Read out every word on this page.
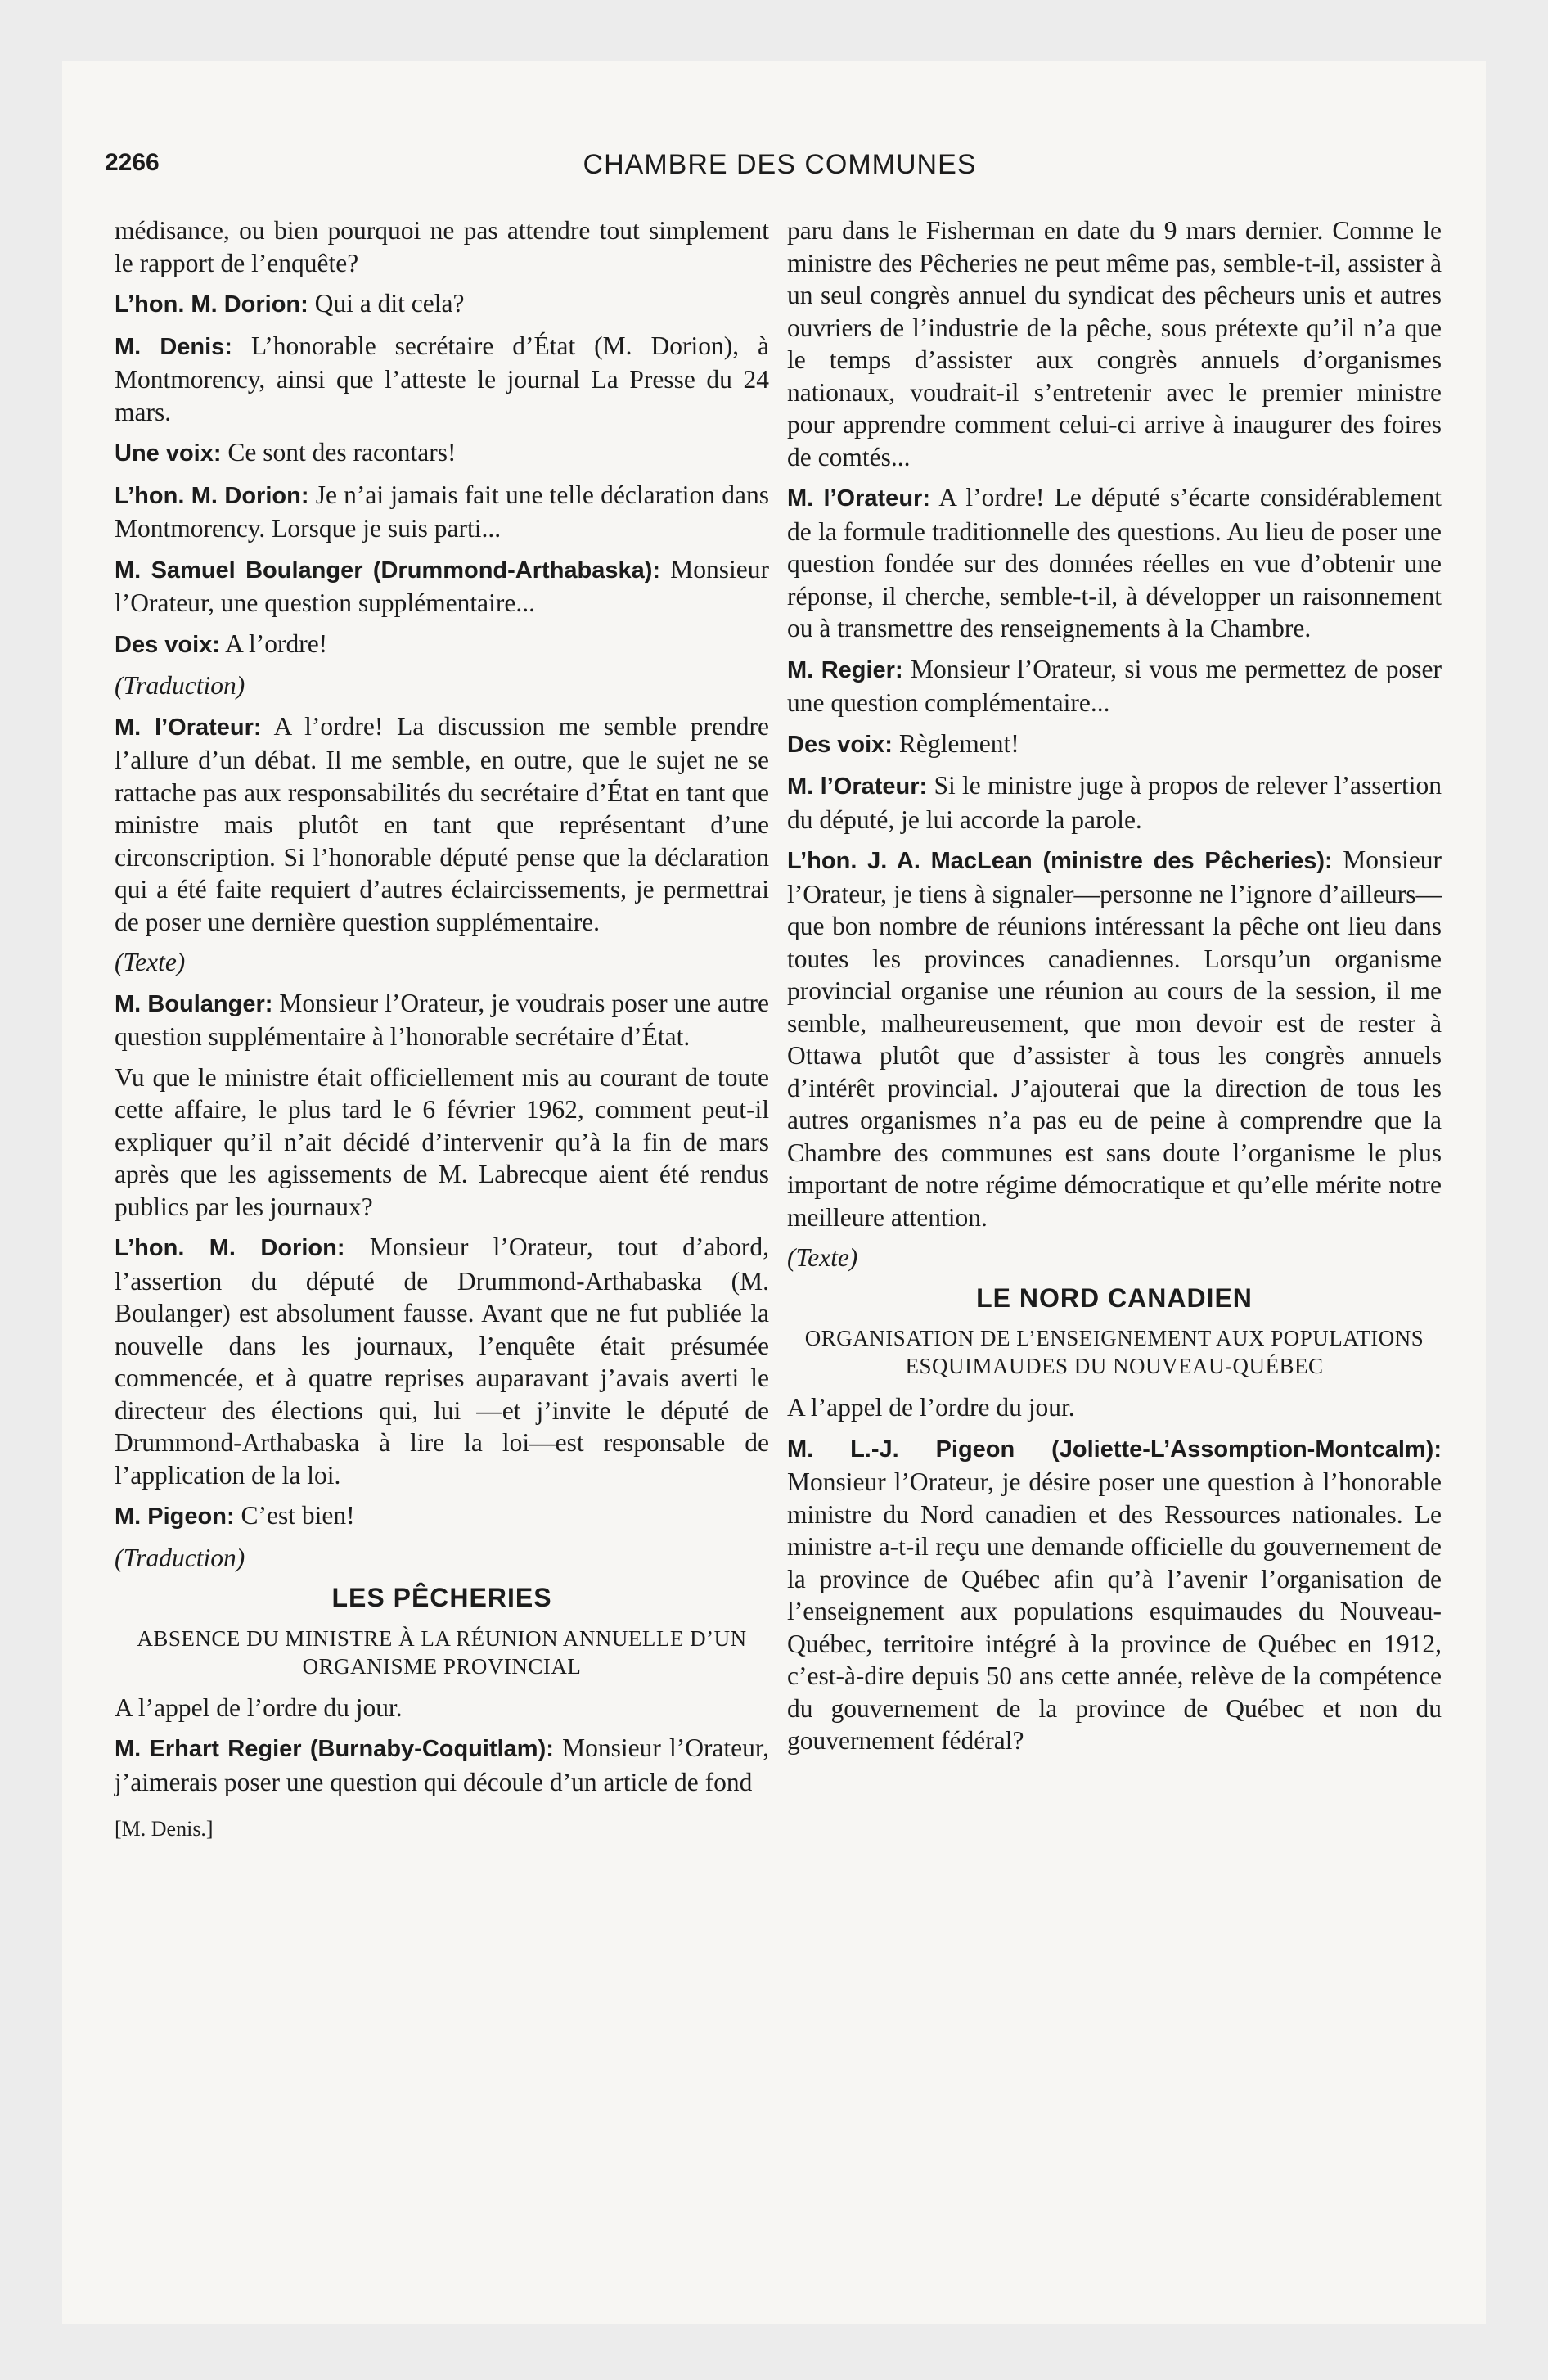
2266	CHAMBRE DES COMMUNES

médisance, ou bien pourquoi ne pas attendre tout simplement le rapport de l’enquête?

L’hon. M. Dorion: Qui a dit cela?

M. Denis: L’honorable secrétaire d’État (M. Dorion), à Montmorency, ainsi que l’atteste le journal La Presse du 24 mars.

Une voix: Ce sont des racontars!

L’hon. M. Dorion: Je n’ai jamais fait une telle déclaration dans Montmorency. Lorsque je suis parti...

M. Samuel Boulanger (Drummond-Arthabaska): Monsieur l’Orateur, une question supplémentaire...

Des voix: A l’ordre!

(Traduction)

M. l’Orateur: A l’ordre! La discussion me semble prendre l’allure d’un débat. Il me semble, en outre, que le sujet ne se rattache pas aux responsabilités du secrétaire d’État en tant que ministre mais plutôt en tant que représentant d’une circonscription. Si l’honorable député pense que la déclaration qui a été faite requiert d’autres éclaircissements, je permettrai de poser une dernière question supplémentaire.

(Texte)

M. Boulanger: Monsieur l’Orateur, je voudrais poser une autre question supplémentaire à l’honorable secrétaire d’État.

Vu que le ministre était officiellement mis au courant de toute cette affaire, le plus tard le 6 février 1962, comment peut-il expliquer qu’il n’ait décidé d’intervenir qu’à la fin de mars après que les agissements de M. Labrecque aient été rendus publics par les journaux?

L’hon. M. Dorion: Monsieur l’Orateur, tout d’abord, l’assertion du député de Drummond-Arthabaska (M. Boulanger) est absolument fausse. Avant que ne fut publiée la nouvelle dans les journaux, l’enquête était présumée commencée, et à quatre reprises auparavant j’avais averti le directeur des élections qui, lui —et j’invite le député de Drummond-Arthabaska à lire la loi—est responsable de l’application de la loi.

M. Pigeon: C’est bien!

(Traduction)
LES PÊCHERIES
ABSENCE DU MINISTRE À LA RÉUNION ANNUELLE D’UN ORGANISME PROVINCIAL

A l’appel de l’ordre du jour.

M. Erhart Regier (Burnaby-Coquitlam): Monsieur l’Orateur, j’aimerais poser une question qui découle d’un article de fond

[M. Denis.]

paru dans le Fisherman en date du 9 mars dernier. Comme le ministre des Pêcheries ne peut même pas, semble-t-il, assister à un seul congrès annuel du syndicat des pêcheurs unis et autres ouvriers de l’industrie de la pêche, sous prétexte qu’il n’a que le temps d’assister aux congrès annuels d’organismes nationaux, voudrait-il s’entretenir avec le premier ministre pour apprendre comment celui-ci arrive à inaugurer des foires de comtés...

M. l’Orateur: A l’ordre! Le député s’écarte considérablement de la formule traditionnelle des questions. Au lieu de poser une question fondée sur des données réelles en vue d’obtenir une réponse, il cherche, semble-t-il, à développer un raisonnement ou à transmettre des renseignements à la Chambre.

M. Regier: Monsieur l’Orateur, si vous me permettez de poser une question complémentaire...

Des voix: Règlement!

M. l’Orateur: Si le ministre juge à propos de relever l’assertion du député, je lui accorde la parole.

L’hon. J. A. MacLean (ministre des Pêcheries): Monsieur l’Orateur, je tiens à signaler—personne ne l’ignore d’ailleurs—que bon nombre de réunions intéressant la pêche ont lieu dans toutes les provinces canadiennes. Lorsqu’un organisme provincial organise une réunion au cours de la session, il me semble, malheureusement, que mon devoir est de rester à Ottawa plutôt que d’assister à tous les congrès annuels d’intérêt provincial. J’ajouterai que la direction de tous les autres organismes n’a pas eu de peine à comprendre que la Chambre des communes est sans doute l’organisme le plus important de notre régime démocratique et qu’elle mérite notre meilleure attention.

(Texte)
LE NORD CANADIEN
ORGANISATION DE L’ENSEIGNEMENT AUX POPULATIONS ESQUIMAUDES DU NOUVEAU-QUÉBEC

A l’appel de l’ordre du jour.

M. L.-J. Pigeon (Joliette-L’Assomption-Montcalm): Monsieur l’Orateur, je désire poser une question à l’honorable ministre du Nord canadien et des Ressources nationales. Le ministre a-t-il reçu une demande officielle du gouvernement de la province de Québec afin qu’à l’avenir l’organisation de l’enseignement aux populations esquimaudes du Nouveau-Québec, territoire intégré à la province de Québec en 1912, c’est-à-dire depuis 50 ans cette année, relève de la compétence du gouvernement de la province de Québec et non du gouvernement fédéral?
